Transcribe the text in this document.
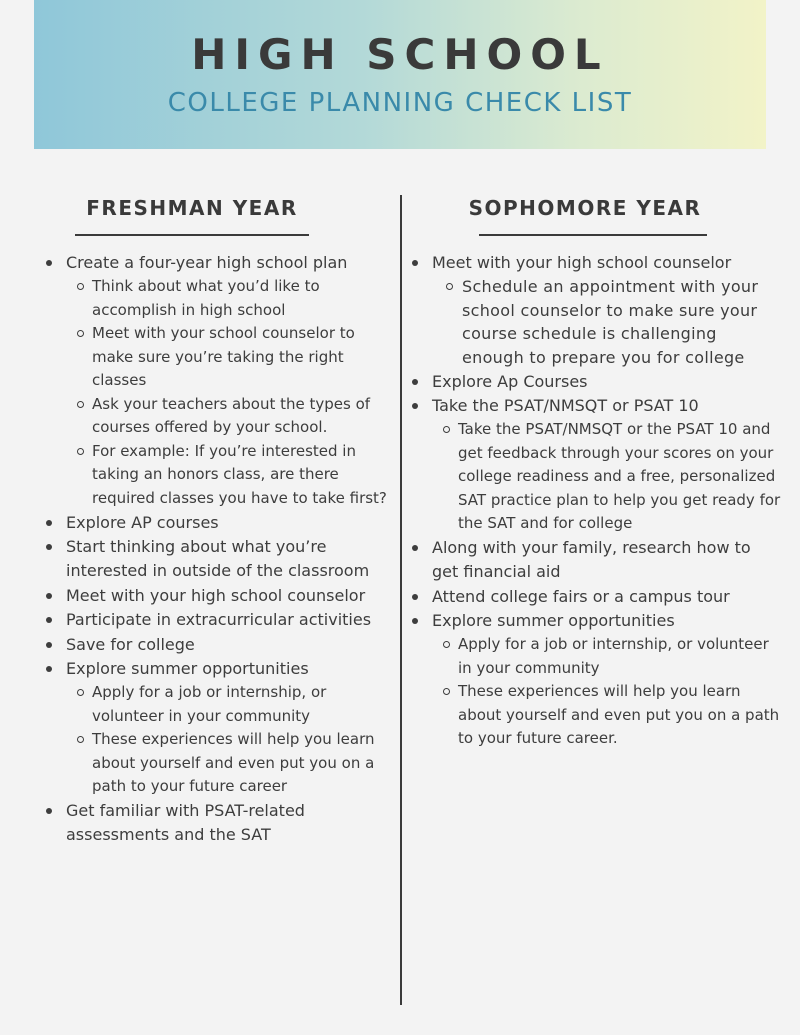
HIGH SCHOOL
COLLEGE PLANNING CHECK LIST
FRESHMAN YEAR	SOPHOMORE YEAR
Create a four-year high school plan
Think about what you’d like to accomplish in high school
Meet with your school counselor to make sure you’re taking the right classes
Ask your teachers about the types of courses offered by your school.
For example: If you’re interested in taking an honors class, are there required classes you have to take first?
Explore AP courses
Start thinking about what you’re interested in outside of the classroom
Meet with your high school counselor
Participate in extracurricular activities
Save for college
Explore summer opportunities
Apply for a job or internship, or volunteer in your community
These experiences will help you learn about yourself and even put you on a path to your future career
Get familiar with PSAT-related assessments and the SAT
Meet with your high school counselor
Schedule an appointment with your school counselor to make sure your course schedule is challenging enough to prepare you for college
Explore Ap Courses
Take the PSAT/NMSQT or PSAT 10
Take the PSAT/NMSQT or the PSAT 10 and get feedback through your scores on your college readiness and a free, personalized SAT practice plan to help you get ready for the SAT and for college
Along with your family, research how to get financial aid
Attend college fairs or a campus tour
Explore summer opportunities
Apply for a job or internship, or volunteer in your community
These experiences will help you learn about yourself and even put you on a path to your future career.
